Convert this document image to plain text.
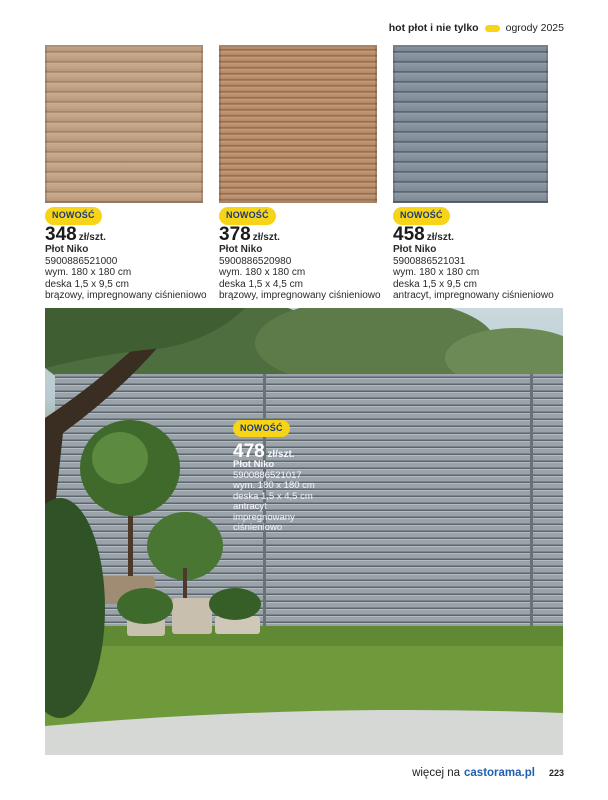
hot płot i nie tylko	ogrody 2025
NOWOŚĆ
348 zł/szt.
Płot Niko
5900886521000
wym. 180 x 180 cm
deska 1,5 x 9,5 cm
brązowy, impregnowany ciśnieniowo
NOWOŚĆ
378 zł/szt.
Płot Niko
5900886520980
wym. 180 x 180 cm
deska 1,5 x 4,5 cm
brązowy, impregnowany ciśnieniowo
NOWOŚĆ
458 zł/szt.
Płot Niko
5900886521031
wym. 180 x 180 cm
deska 1,5 x 9,5 cm
antracyt, impregnowany ciśnieniowo
NOWOŚĆ
478 zł/szt.
Płot Niko
5900886521017
wym. 180 x 180 cm
deska 1,5 x 4,5 cm
antracyt
impregnowany
ciśnieniowo
więcej na castorama.pl 223
